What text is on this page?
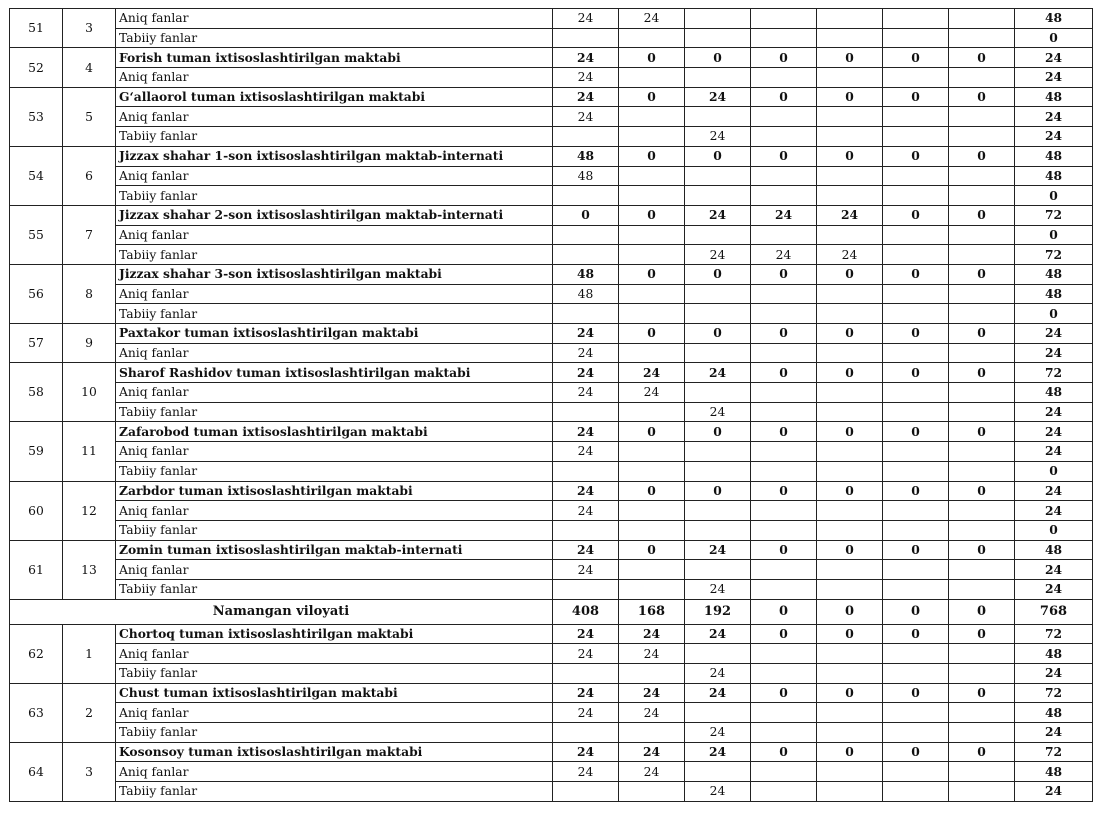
51	3	Aniq fanlar	24	24						48
		Tabiiy fanlar								0
52	4	Forish tuman ixtisoslashtirilgan maktabi	24	0	0	0	0	0	0	24
		Aniq fanlar	24							24
53	5	G‘allaorol tuman ixtisoslashtirilgan maktabi	24	0	24	0	0	0	0	48
		Aniq fanlar	24							24
		Tabiiy fanlar			24					24
54	6	Jizzax shahar 1-son ixtisoslashtirilgan maktab-internati	48	0	0	0	0	0	0	48
		Aniq fanlar	48							48
		Tabiiy fanlar								0
55	7	Jizzax shahar 2-son ixtisoslashtirilgan maktab-internati	0	0	24	24	24	0	0	72
		Aniq fanlar								0
		Tabiiy fanlar			24	24	24			72
56	8	Jizzax shahar 3-son ixtisoslashtirilgan maktabi	48	0	0	0	0	0	0	48
		Aniq fanlar	48							48
		Tabiiy fanlar								0
57	9	Paxtakor tuman ixtisoslashtirilgan maktabi	24	0	0	0	0	0	0	24
		Aniq fanlar	24							24
58	10	Sharof Rashidov tuman ixtisoslashtirilgan maktabi	24	24	24	0	0	0	0	72
		Aniq fanlar	24	24						48
		Tabiiy fanlar			24					24
59	11	Zafarobod tuman ixtisoslashtirilgan maktabi	24	0	0	0	0	0	0	24
		Aniq fanlar	24							24
		Tabiiy fanlar								0
60	12	Zarbdor tuman ixtisoslashtirilgan maktabi	24	0	0	0	0	0	0	24
		Aniq fanlar	24							24
		Tabiiy fanlar								0
61	13	Zomin tuman ixtisoslashtirilgan maktab-internati	24	0	24	0	0	0	0	48
		Aniq fanlar	24							24
		Tabiiy fanlar			24					24
Namangan viloyati			408	168	192	0	0	0	0	768
62	1	Chortoq tuman ixtisoslashtirilgan maktabi	24	24	24	0	0	0	0	72
		Aniq fanlar	24	24						48
		Tabiiy fanlar			24					24
63	2	Chust tuman ixtisoslashtirilgan maktabi	24	24	24	0	0	0	0	72
		Aniq fanlar	24	24						48
		Tabiiy fanlar			24					24
64	3	Kosonsoy tuman ixtisoslashtirilgan maktabi	24	24	24	0	0	0	0	72
		Aniq fanlar	24	24						48
		Tabiiy fanlar			24					24
